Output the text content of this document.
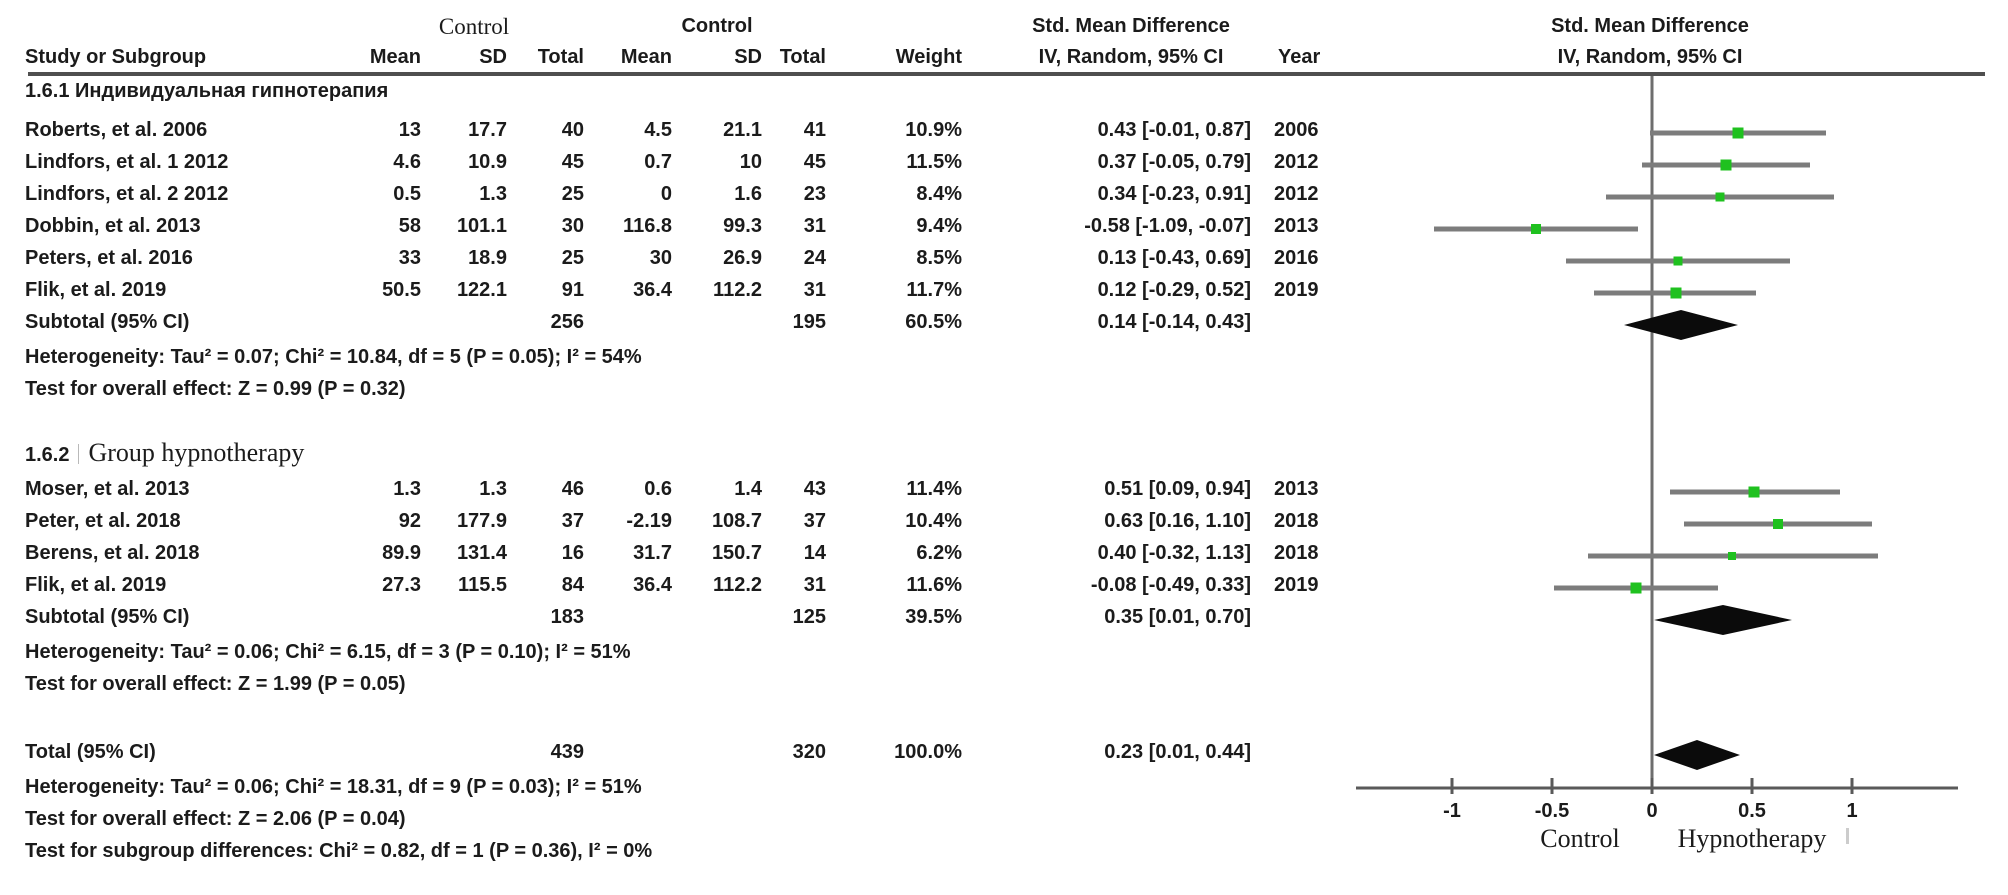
Control	Control	Std. Mean Difference	Std. Mean Difference
Study or Subgroup	Mean	SD	Total	Mean	SD Total	Weight	IV, Random, 95% CI	Year	IV, Random, 95% CI
-1	-0.5	0	0.5	1
Control	Hypnotherapy
1.6.1 Индивидуальная гипнотерапия
Roberts, et al. 2006	13	17.7	40	4.5	21.1	41	10.9%	0.43 [-0.01, 0.87] 2006
Lindfors, et al. 1 2012	4.6	10.9	45	0.7	10	45	11.5%	0.37 [-0.05, 0.79] 2012
Lindfors, et al. 2 2012	0.5	1.3	25	0	1.6	23	8.4%	0.34 [-0.23, 0.91] 2012
Dobbin, et al. 2013	58	101.1	30	116.8	99.3	31	9.4%	-0.58 [-1.09, -0.07] 2013
Peters, et al. 2016	33	18.9	25	30	26.9	24	8.5%	0.13 [-0.43, 0.69] 2016
Flik, et al. 2019	50.5	122.1	91	36.4	112.2	31	11.7%	0.12 [-0.29, 0.52] 2019
Subtotal (95% CI)	256	195	60.5%	0.14 [-0.14, 0.43]
Heterogeneity: Tau² = 0.07; Chi² = 10.84, df = 5 (P = 0.05); I² = 54%
Test for overall effect: Z = 0.99 (P = 0.32)
1.6.2 Group hypnotherapy
Moser, et al. 2013	1.3	1.3	46	0.6	1.4	43	11.4%	0.51 [0.09, 0.94] 2013
Peter, et al. 2018	92	177.9	37	-2.19	108.7	37	10.4%	0.63 [0.16, 1.10] 2018
Berens, et al. 2018	89.9	131.4	16	31.7	150.7	14	6.2%	0.40 [-0.32, 1.13] 2018
Flik, et al. 2019	27.3	115.5	84	36.4	112.2	31	11.6%	-0.08 [-0.49, 0.33] 2019
Subtotal (95% CI)	183	125	39.5%	0.35 [0.01, 0.70]
Heterogeneity: Tau² = 0.06; Chi² = 6.15, df = 3 (P = 0.10); I² = 51%
Test for overall effect: Z = 1.99 (P = 0.05)
Total (95% CI)	439	320	100.0%	0.23 [0.01, 0.44]
Heterogeneity: Tau² = 0.06; Chi² = 18.31, df = 9 (P = 0.03); I² = 51%
Test for overall effect: Z = 2.06 (P = 0.04)
Test for subgroup differences: Chi² = 0.82, df = 1 (P = 0.36), I² = 0%
